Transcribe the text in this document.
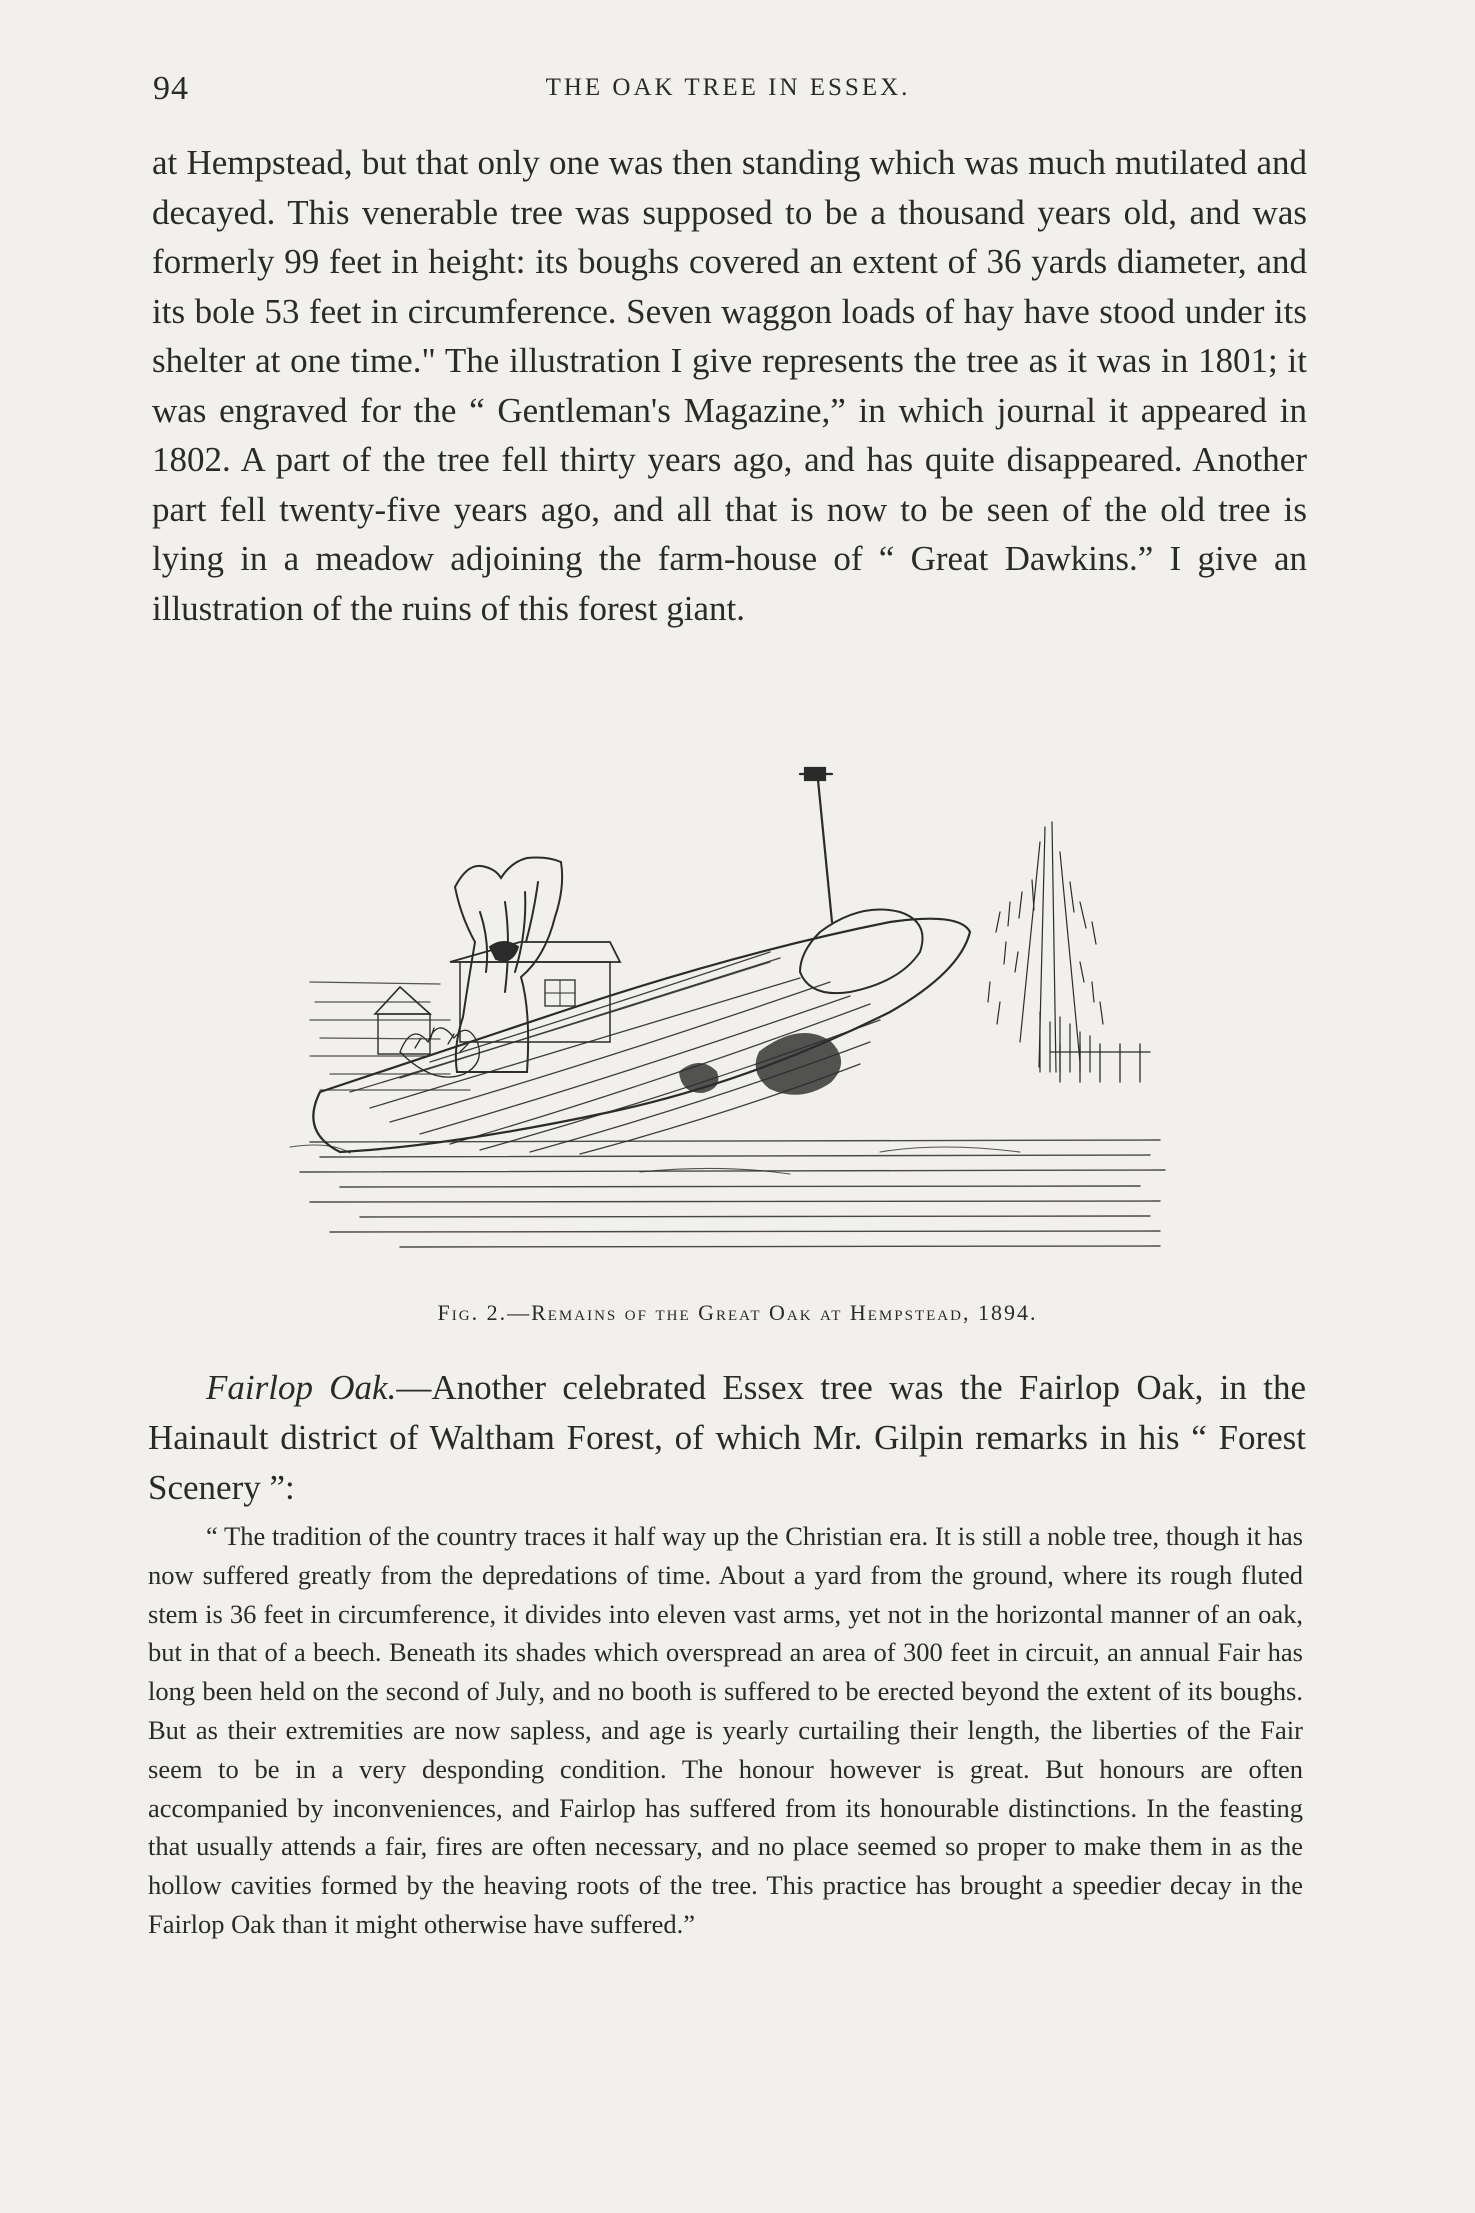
94	THE OAK TREE IN ESSEX.

at Hempstead, but that only one was then standing which was much mutilated and decayed. This venerable tree was supposed to be a thousand years old, and was formerly 99 feet in height: its boughs covered an extent of 36 yards diameter, and its bole 53 feet in circumference. Seven waggon loads of hay have stood under its shelter at one time." The illustration I give represents the tree as it was in 1801; it was engraved for the “ Gentleman's Magazine,” in which journal it appeared in 1802. A part of the tree fell thirty years ago, and has quite disappeared. Another part fell twenty-five years ago, and all that is now to be seen of the old tree is lying in a meadow adjoining the farm-house of “ Great Dawkins.” I give an illustration of the ruins of this forest giant.

Fig. 2.—Remains of the Great Oak at Hempstead, 1894.

Fairlop Oak.—Another celebrated Essex tree was the Fairlop Oak, in the Hainault district of Waltham Forest, of which Mr. Gilpin remarks in his “ Forest Scenery ”:

“ The tradition of the country traces it half way up the Christian era. It is still a noble tree, though it has now suffered greatly from the depredations of time. About a yard from the ground, where its rough fluted stem is 36 feet in circumference, it divides into eleven vast arms, yet not in the horizontal manner of an oak, but in that of a beech. Beneath its shades which overspread an area of 300 feet in circuit, an annual Fair has long been held on the second of July, and no booth is suffered to be erected beyond the extent of its boughs. But as their extremities are now sapless, and age is yearly curtailing their length, the liberties of the Fair seem to be in a very desponding condition. The honour however is great. But honours are often accompanied by inconveniences, and Fairlop has suffered from its honourable distinctions. In the feasting that usually attends a fair, fires are often necessary, and no place seemed so proper to make them in as the hollow cavities formed by the heaving roots of the tree. This practice has brought a speedier decay in the Fairlop Oak than it might otherwise have suffered.”
